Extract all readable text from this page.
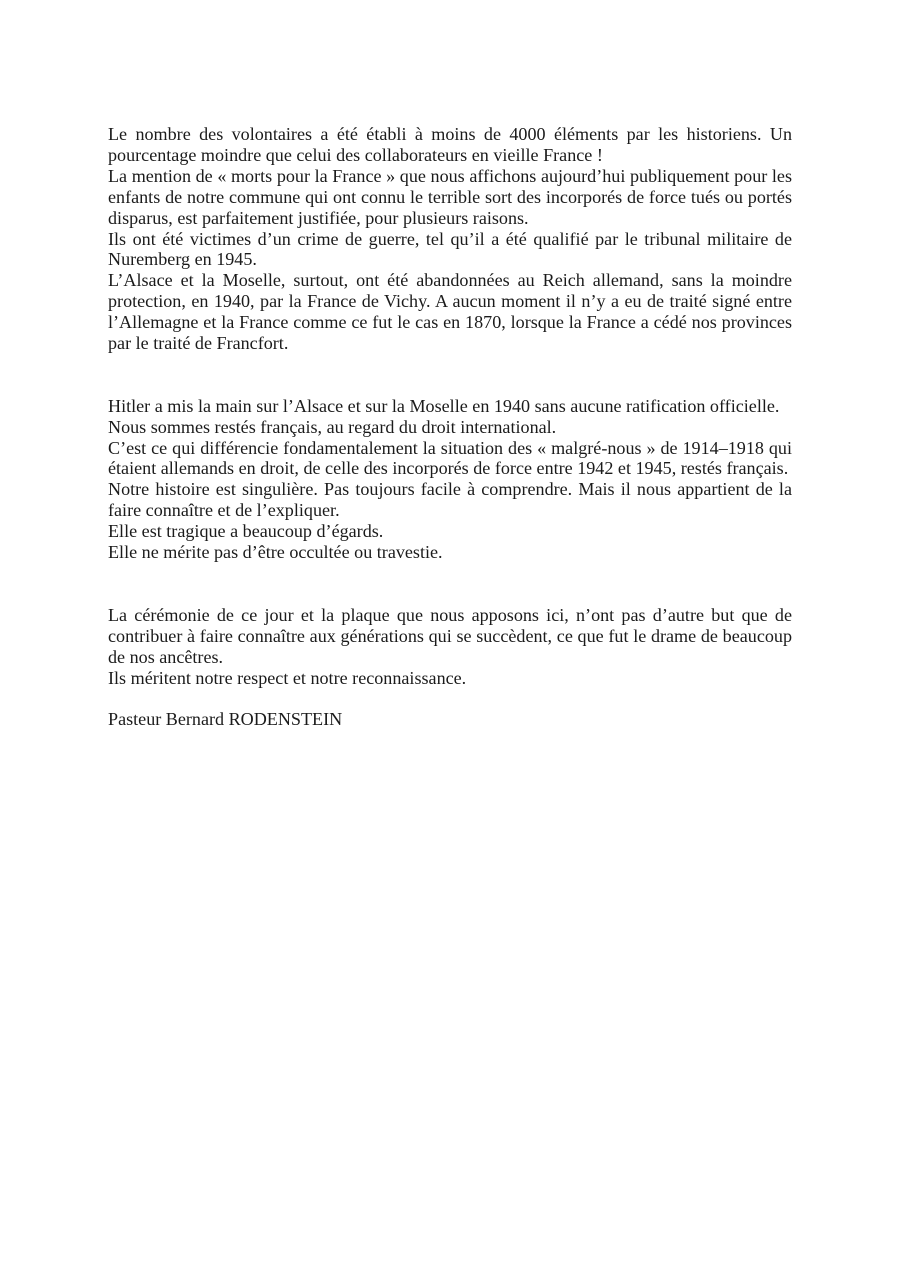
Le nombre des volontaires a été établi à moins de 4000 éléments par les historiens. Un
pourcentage moindre que celui des collaborateurs en vieille France !
La mention de « morts pour la France » que nous affichons aujourd’hui publiquement pour les
enfants de notre commune qui ont connu le terrible sort des incorporés de force tués ou portés
disparus, est parfaitement justifiée, pour plusieurs raisons.
Ils ont été victimes d’un crime de guerre, tel qu’il a été qualifié par le tribunal militaire de
Nuremberg en 1945.
L’Alsace et la Moselle, surtout, ont été abandonnées au Reich allemand, sans la moindre
protection, en 1940, par la France de Vichy. A aucun moment il n’y a eu de traité signé entre
l’Allemagne et la France comme ce fut le cas en 1870, lorsque la France a cédé nos provinces
par le traité de Francfort.
Hitler a mis la main sur l’Alsace et sur la Moselle en 1940 sans aucune ratification officielle.
Nous sommes restés français, au regard du droit international.
C’est ce qui différencie fondamentalement la situation des « malgré-nous » de 1914–1918 qui
étaient allemands en droit, de celle des incorporés de force entre 1942 et 1945, restés français.
Notre histoire est singulière. Pas toujours facile à comprendre. Mais il nous appartient de la
faire connaître et de l’expliquer.
Elle est tragique a beaucoup d’égards.
Elle ne mérite pas d’être occultée ou travestie.
La cérémonie de ce jour et la plaque que nous apposons ici, n’ont pas d’autre but que de
contribuer à faire connaître aux générations qui se succèdent, ce que fut le drame de beaucoup
de nos ancêtres.
Ils méritent notre respect et notre reconnaissance.
Pasteur Bernard RODENSTEIN
